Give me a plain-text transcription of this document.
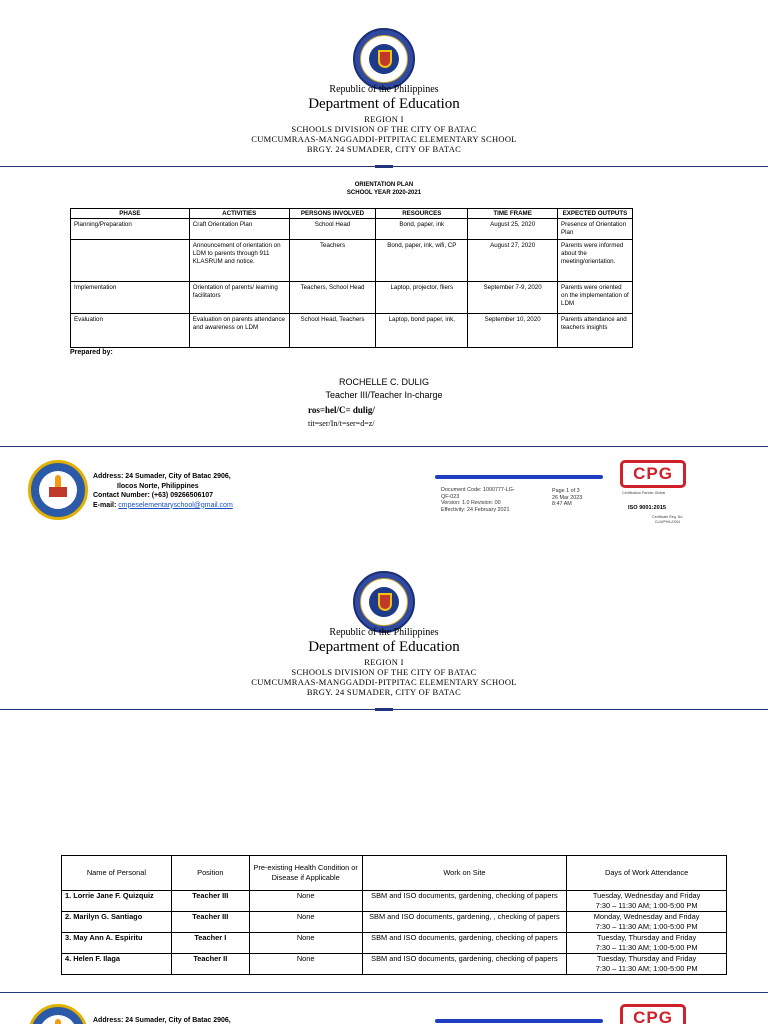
Republic of the Philippines
Department of Education
REGION I
SCHOOLS DIVISION OF THE CITY OF BATAC
CUMCUMRAAS-MANGGADDI-PITPITAC ELEMENTARY SCHOOL
BRGY. 24 SUMADER, CITY OF BATAC
ORIENTATION PLAN
SCHOOL YEAR 2020-2021
PHASE	ACTIVITIES	PERSONS INVOLVED	RESOURCES	TIME FRAME	EXPECTED OUTPUTS
Planning/Preparation	Craft Orientation Plan	School Head	Bond, paper, ink	August 25, 2020	Presence of Orientation Plan
	Announcement of orientation on LDM to parents through 911 KLASRUM and notice.	Teachers	Bond, paper, ink, wifi, CP	August 27, 2020	Parents were informed about the meeting/orientation.
Implementation	Orientation of parents/ learning facilitators	Teachers, School Head	Laptop, projector, fliers	September 7-9, 2020	Parents were oriented on the implementation of LDM
Evaluation	Evaluation on parents attendance and awareness on LDM	School Head, Teachers	Laptop, bond paper, ink,	September 10, 2020	Parents attendance and teachers insights
Prepared by:
ROCHELLE C. DULIG
Teacher III/Teacher In-charge
ros=hel/C= dulig/
tit=ser/In/t=ser=d=z/
Address: 24 Sumader, City of Batac 2906,
Ilocos Norte, Philippines
Contact Number: (+63) 09266506107
E-mail: cmpeselementaryschool@gmail.com
Document Code: 1000777-LG-
QF-023
Version: 1.0 Revision: 00
Effectivity: 24 February 2021
Page 1 of 3
26 Mar 2023
8:47 AM
CPG
Certification Partner Global
ISO 9001:2015
Certificate Reg. No.
CLM/PHIL/0261
Republic of the Philippines
Department of Education
REGION I
SCHOOLS DIVISION OF THE CITY OF BATAC
CUMCUMRAAS-MANGGADDI-PITPITAC ELEMENTARY SCHOOL
BRGY. 24 SUMADER, CITY OF BATAC
Name of Personal	Position	Pre-existing Health Condition or Disease if Applicable	Work on Site	Days of Work Attendance
1. Lorrie Jane F. Quizquiz	Teacher III	None	SBM and ISO documents, gardening, checking of papers	Tuesday, Wednesday and Friday
7:30 – 11:30 AM; 1:00-5:00 PM

2. Marilyn G. Santiago	Teacher III	None	SBM and ISO documents, gardening, , checking of papers	Monday, Wednesday and Friday
7:30 – 11:30 AM; 1:00-5:00 PM

3. May Ann A. Espiritu	Teacher I	None	SBM and ISO documents, gardening, checking of papers	Tuesday, Thursday and Friday
7:30 – 11:30 AM; 1:00-5:00 PM

4. Helen F. Ilaga	Teacher II	None	SBM and ISO documents, gardening, checking of papers	Tuesday, Thursday and Friday
7:30 – 11:30 AM; 1:00-5:00 PM
Address: 24 Sumader, City of Batac 2906,	CPG
